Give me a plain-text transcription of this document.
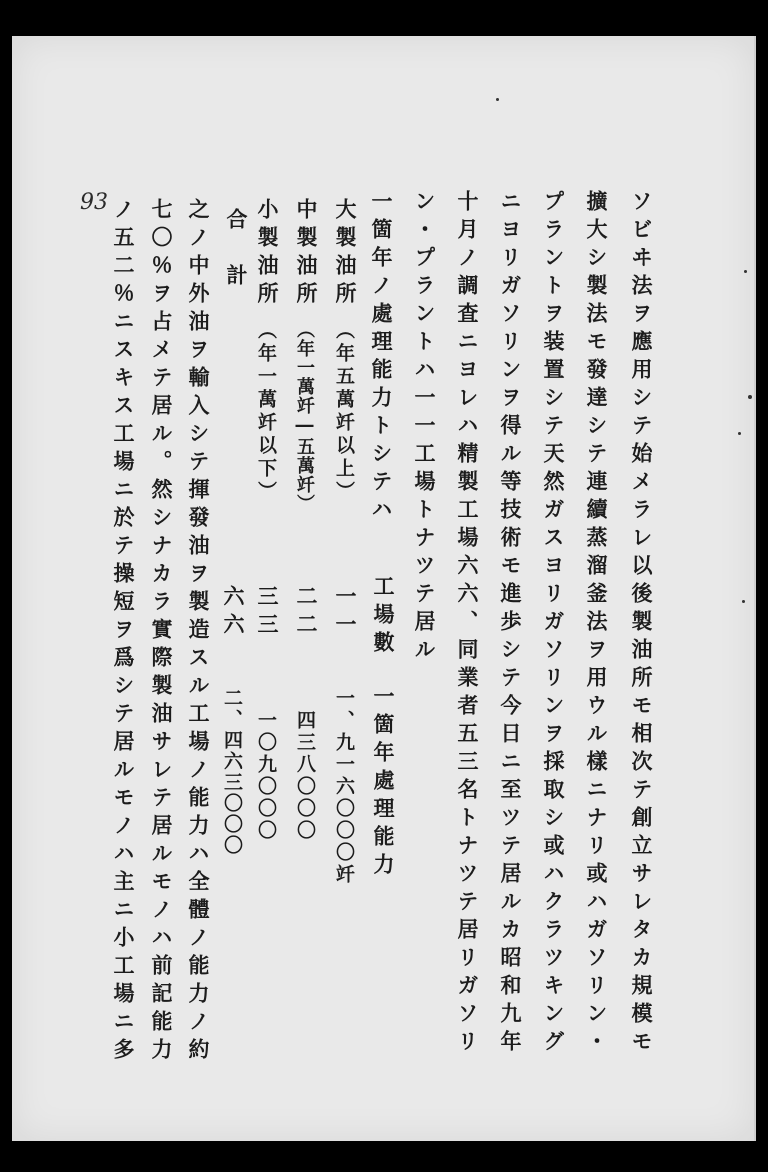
ソビヰ法ヲ應用シテ始メラレ以後製油所モ相次テ創立サレタカ規模モ
擴大シ製法モ發達シテ連續蒸溜釜法ヲ用ウル樣ニナリ或ハガソリン・
プラントヲ装置シテ天然ガスヨリガソリンヲ採取シ或ハクラツキング
ニヨリガソリンヲ得ル等技術モ進歩シテ今日ニ至ツテ居ルカ昭和九年
十月ノ調査ニヨレハ精製工場六六、同業者五三名トナツテ居リガソリ
ン・プラントハ一一工場トナツテ居ル
一箇年ノ處理能力トシテハ
工場數
一箇年處理能力
大製油所
（年五萬竏以上）
一一
一、九一六〇〇〇竏
中製油所
（年一萬竏―五萬竏）
二二
四三八〇〇〇
小製油所
（年一萬竏以下）
三三
一〇九〇〇〇
合　計
六六
二、四六三〇〇〇
之ノ中外油ヲ輸入シテ揮發油ヲ製造スル工場ノ能力ハ全體ノ能力ノ約
七〇％ヲ占メテ居ル。然シナカラ實際製油サレテ居ルモノハ前記能力
ノ五二％ニスキス工場ニ於テ操短ヲ爲シテ居ルモノハ主ニ小工場ニ多
93
